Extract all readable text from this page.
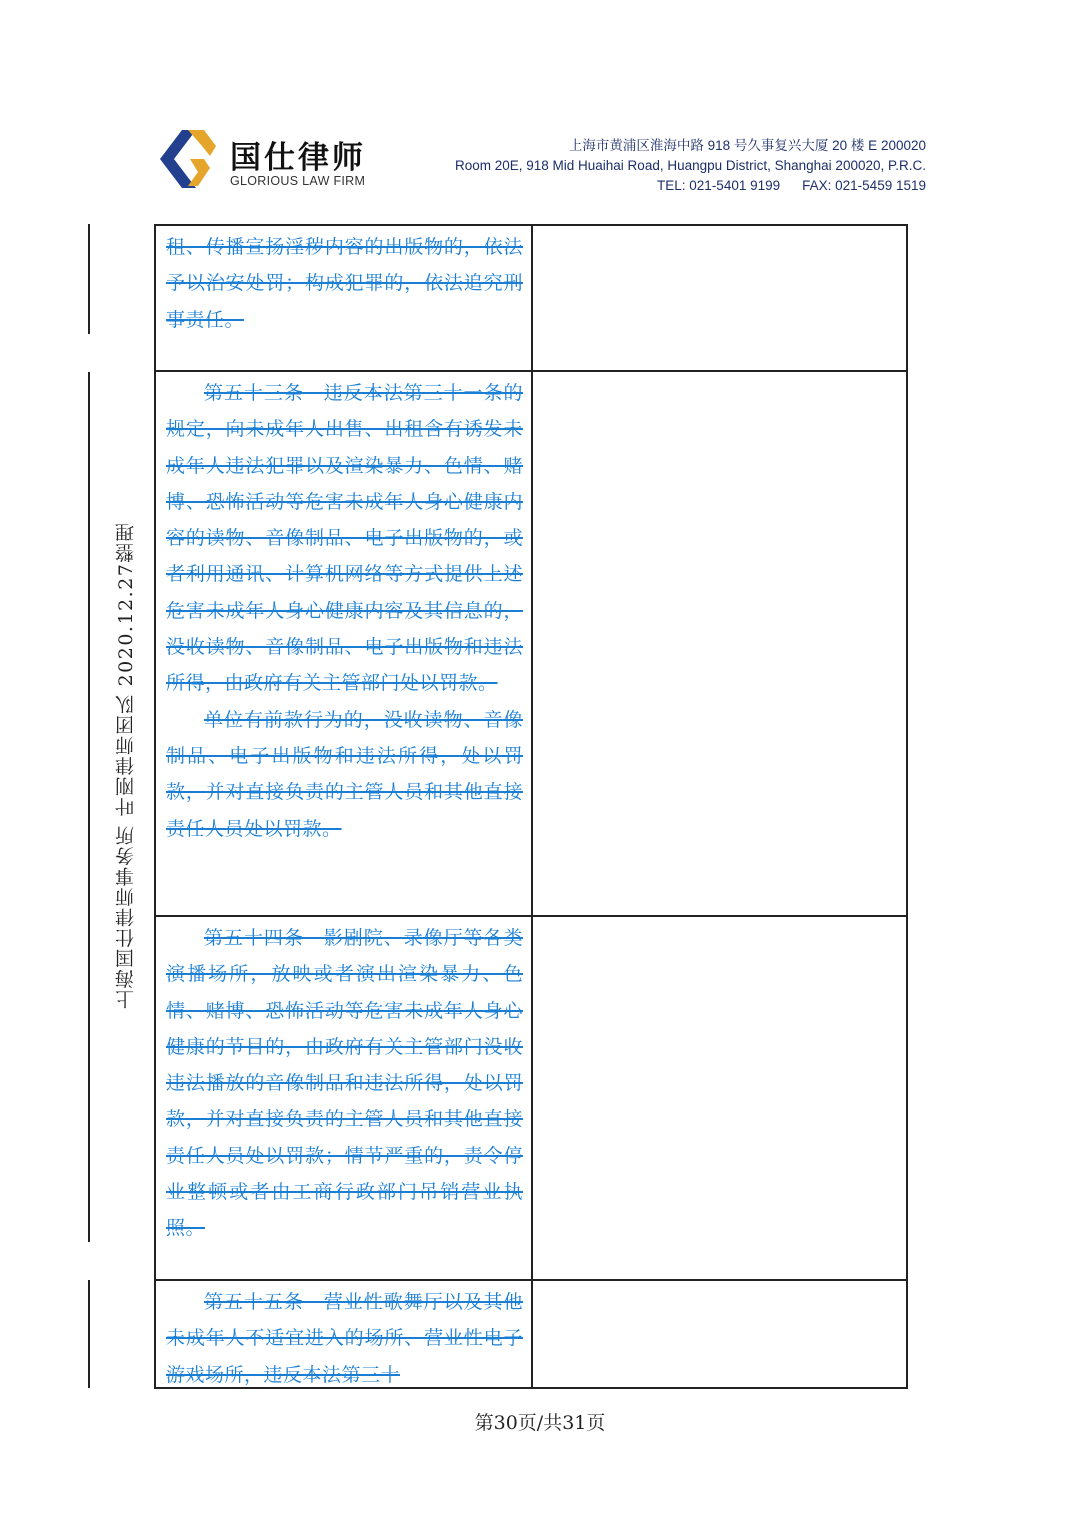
国仕律师
GLORIOUS LAW FIRM
上海市黄浦区淮海中路 918 号久事复兴大厦 20 楼 E 200020
Room 20E, 918 Mid Huaihai Road, Huangpu District, Shanghai 200020, P.R.C.
TEL: 021-5401 9199 FAX: 021-5459 1519
上海国仕律师事务所 叶刚律师团队 2020.12.27整理

租、传播宣扬淫秽内容的出版物的，依法予以治安处罚；构成犯罪的，依法追究刑事责任。

第五十三条　违反本法第三十一条的规定，向未成年人出售、出租含有诱发未成年人违法犯罪以及渲染暴力、色情、赌博、恐怖活动等危害未成年人身心健康内容的读物、音像制品、电子出版物的，或者利用通讯、计算机网络等方式提供上述危害未成年人身心健康内容及其信息的，没收读物、音像制品、电子出版物和违法所得，由政府有关主管部门处以罚款。

单位有前款行为的，没收读物、音像制品、电子出版物和违法所得，处以罚款，并对直接负责的主管人员和其他直接责任人员处以罚款。

第五十四条　影剧院、录像厅等各类演播场所，放映或者演出渲染暴力、色情、赌博、恐怖活动等危害未成年人身心健康的节目的，由政府有关主管部门没收违法播放的音像制品和违法所得，处以罚款，并对直接负责的主管人员和其他直接责任人员处以罚款；情节严重的，责令停业整顿或者由工商行政部门吊销营业执照。

第五十五条　营业性歌舞厅以及其他未成年人不适宜进入的场所、营业性电子游戏场所，违反本法第三十

第30页/共31页
